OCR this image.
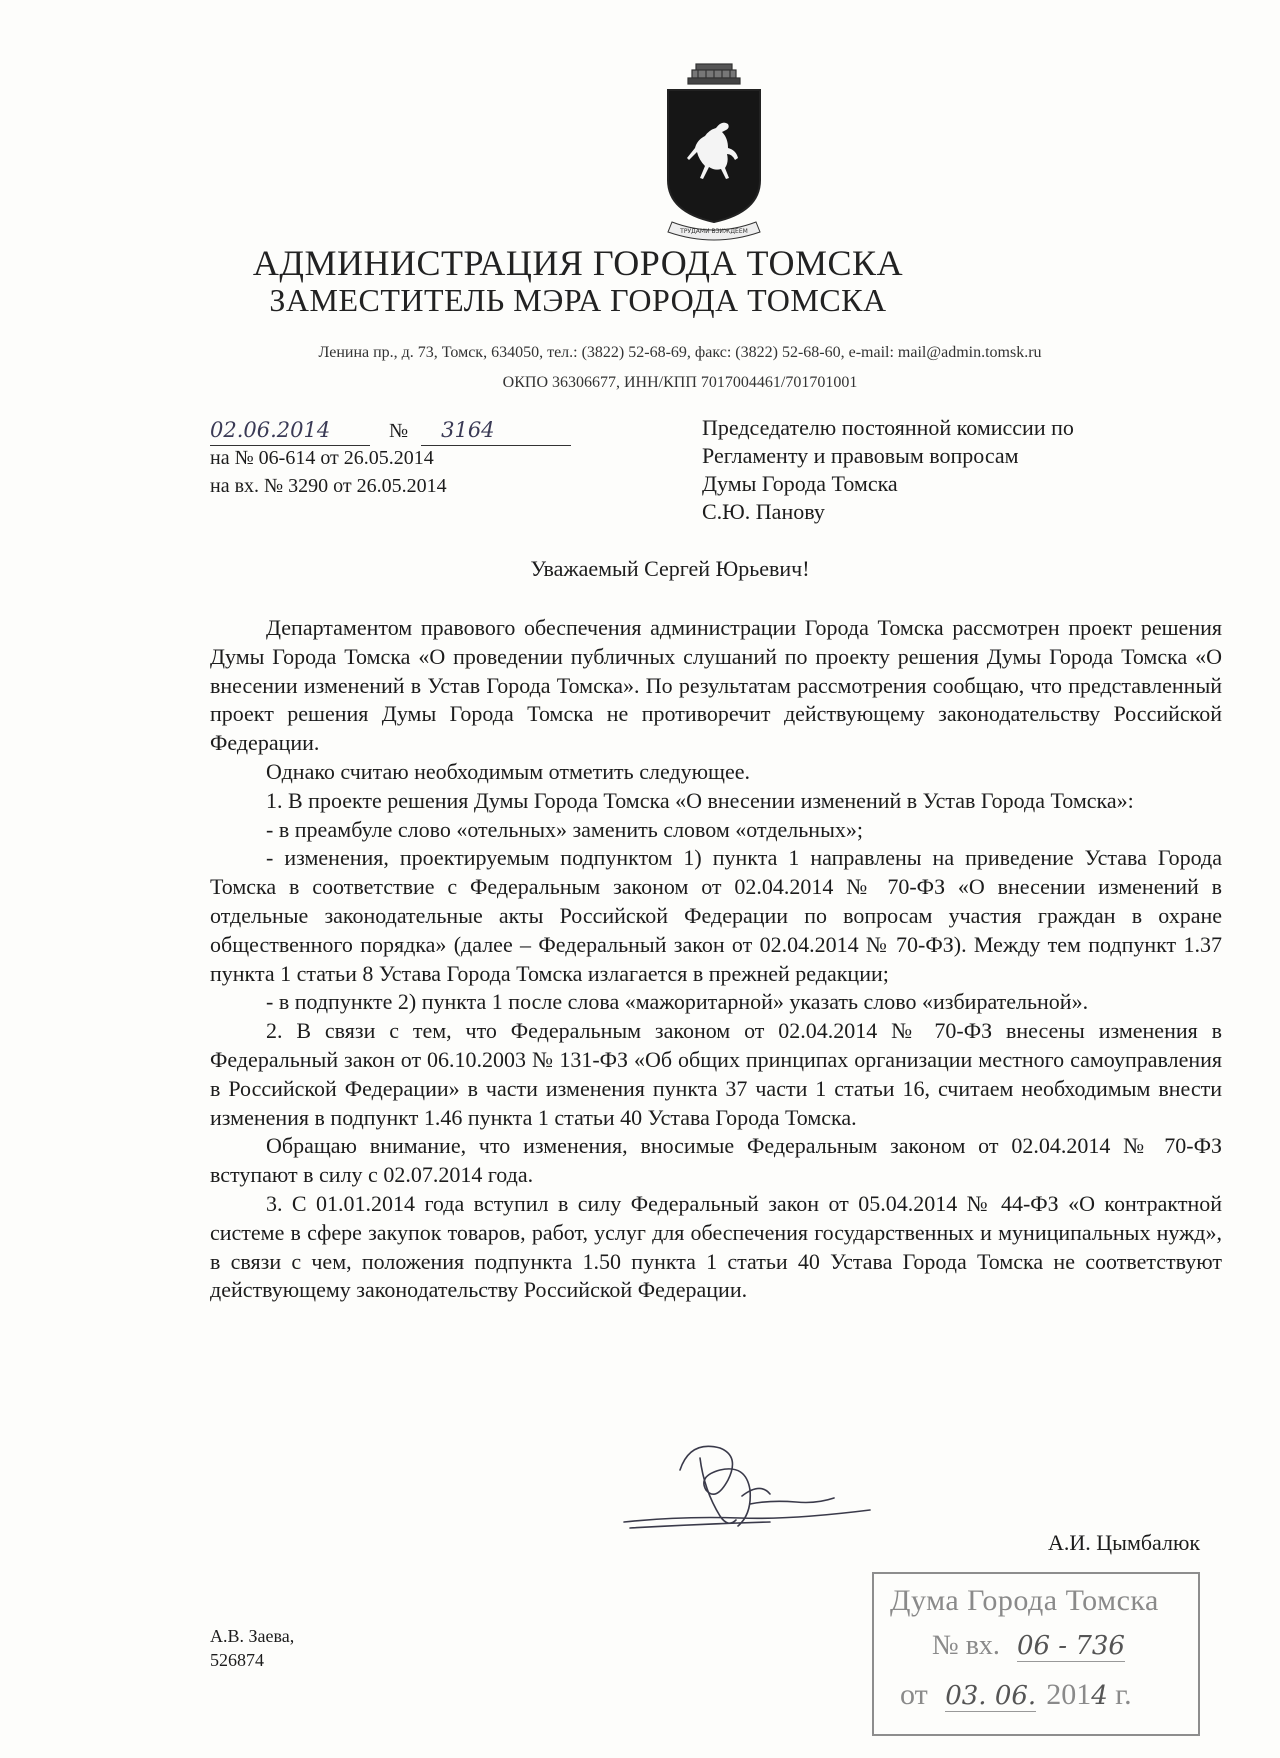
ТРУДАМИ ВЗИЖДЕЕМ
АДМИНИСТРАЦИЯ ГОРОДА ТОМСКА
ЗАМЕСТИТЕЛЬ МЭРА ГОРОДА ТОМСКА
Ленина пр., д. 73, Томск, 634050, тел.: (3822) 52-68-69, факс: (3822) 52-68-60, e-mail: mail@admin.tomsk.ru
ОКПО 36306677, ИНН/КПП 7017004461/701701001
02.06.2014	№ 3164
на № 06-614 от 26.05.2014
на вх. № 3290 от 26.05.2014
Председателю постоянной комиссии по
Регламенту и правовым вопросам
Думы Города Томска
С.Ю. Панову
Уважаемый Сергей Юрьевич!

Департаментом правового обеспечения администрации Города Томска рассмотрен проект решения Думы Города Томска «О проведении публичных слушаний по проекту решения Думы Города Томска «О внесении изменений в Устав Города Томска». По результатам рассмотрения сообщаю, что представленный проект решения Думы Города Томска не противоречит действующему законодательству Российской Федерации.

Однако считаю необходимым отметить следующее.

1. В проекте решения Думы Города Томска «О внесении изменений в Устав Города Томска»:

- в преамбуле слово «отельных» заменить словом «отдельных»;

- изменения, проектируемым подпунктом 1) пункта 1 направлены на приведение Устава Города Томска в соответствие с Федеральным законом от 02.04.2014 № 70-ФЗ «О внесении изменений в отдельные законодательные акты Российской Федерации по вопросам участия граждан в охране общественного порядка» (далее – Федеральный закон от 02.04.2014 № 70-ФЗ). Между тем подпункт 1.37 пункта 1 статьи 8 Устава Города Томска излагается в прежней редакции;

- в подпункте 2) пункта 1 после слова «мажоритарной» указать слово «избирательной».

2. В связи с тем, что Федеральным законом от 02.04.2014 № 70-ФЗ внесены изменения в Федеральный закон от 06.10.2003 № 131-ФЗ «Об общих принципах организации местного самоуправления в Российской Федерации» в части изменения пункта 37 части 1 статьи 16, считаем необходимым внести изменения в подпункт 1.46 пункта 1 статьи 40 Устава Города Томска.

Обращаю внимание, что изменения, вносимые Федеральным законом от 02.04.2014 № 70-ФЗ вступают в силу с 02.07.2014 года.

3. С 01.01.2014 года вступил в силу Федеральный закон от 05.04.2014 № 44-ФЗ «О контрактной системе в сфере закупок товаров, работ, услуг для обеспечения государственных и муниципальных нужд», в связи с чем, положения подпункта 1.50 пункта 1 статьи 40 Устава Города Томска не соответствуют действующему законодательству Российской Федерации.

А.И. Цымбалюк
А.В. Заева,
526874
Дума Города Томска
№ вх. 06 - 736
от 03. 06. 2014 г.
